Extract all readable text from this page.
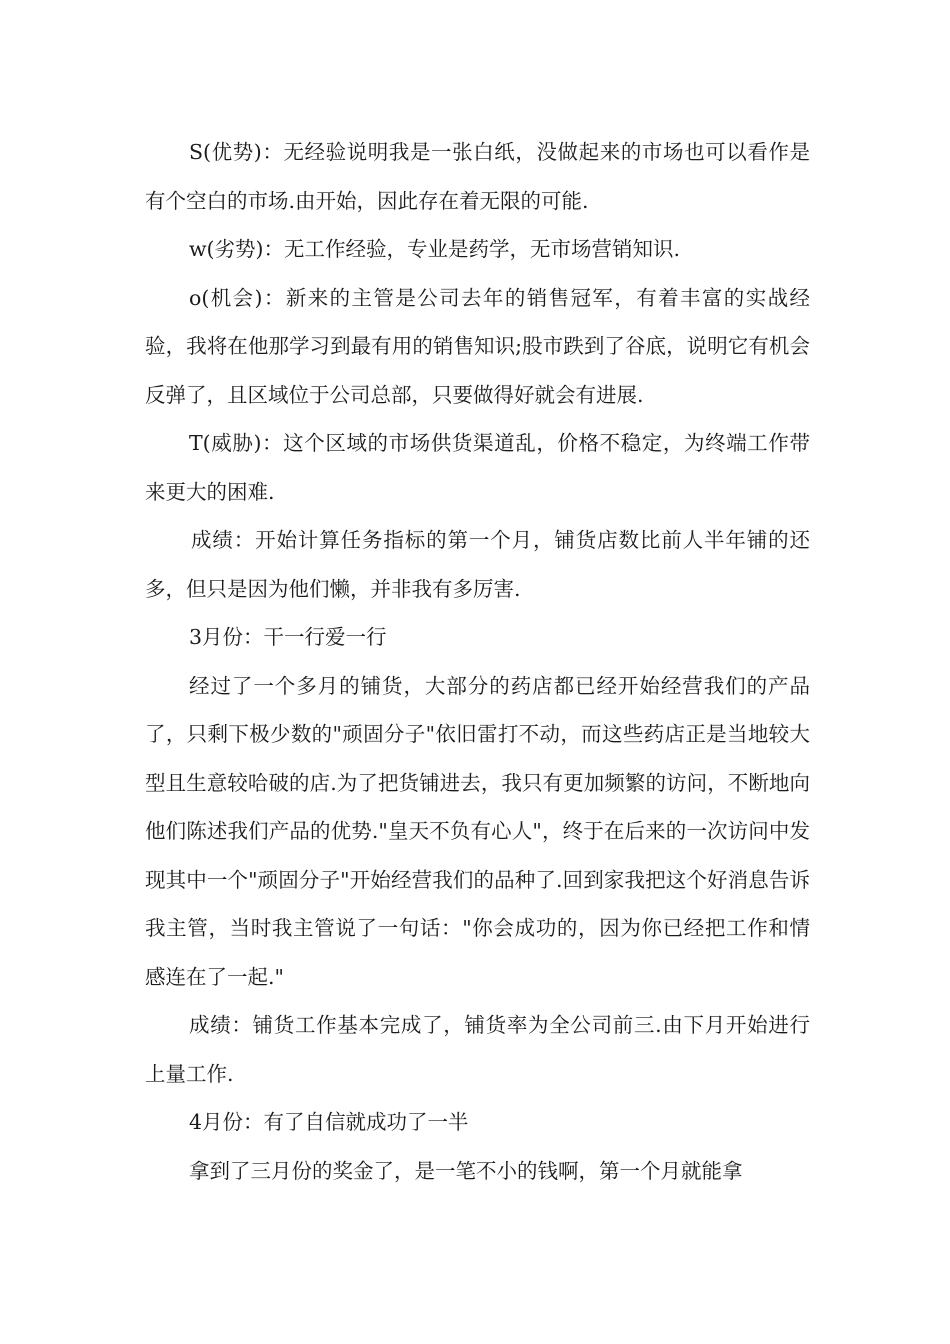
S(优势)：无经验说明我是一张白纸，没做起来的市场也可以看作是有个空白的市场.由开始，因此存在着无限的可能.

w(劣势)：无工作经验，专业是药学，无市场营销知识.

o(机会)：新来的主管是公司去年的销售冠军，有着丰富的实战经验，我将在他那学习到最有用的销售知识;股市跌到了谷底，说明它有机会反弹了，且区域位于公司总部，只要做得好就会有进展.

T(威胁)：这个区域的市场供货渠道乱，价格不稳定，为终端工作带来更大的困难.

成绩：开始计算任务指标的第一个月，铺货店数比前人半年铺的还多，但只是因为他们懒，并非我有多厉害.

3月份：干一行爱一行

经过了一个多月的铺货，大部分的药店都已经开始经营我们的产品了，只剩下极少数的"顽固分子"依旧雷打不动，而这些药店正是当地较大型且生意较哈破的店.为了把货铺进去，我只有更加频繁的访问，不断地向他们陈述我们产品的优势."皇天不负有心人"，终于在后来的一次访问中发现其中一个"顽固分子"开始经营我们的品种了.回到家我把这个好消息告诉我主管，当时我主管说了一句话："你会成功的，因为你已经把工作和情感连在了一起."

成绩：铺货工作基本完成了，铺货率为全公司前三.由下月开始进行上量工作.

4月份：有了自信就成功了一半

拿到了三月份的奖金了，是一笔不小的钱啊，第一个月就能拿
